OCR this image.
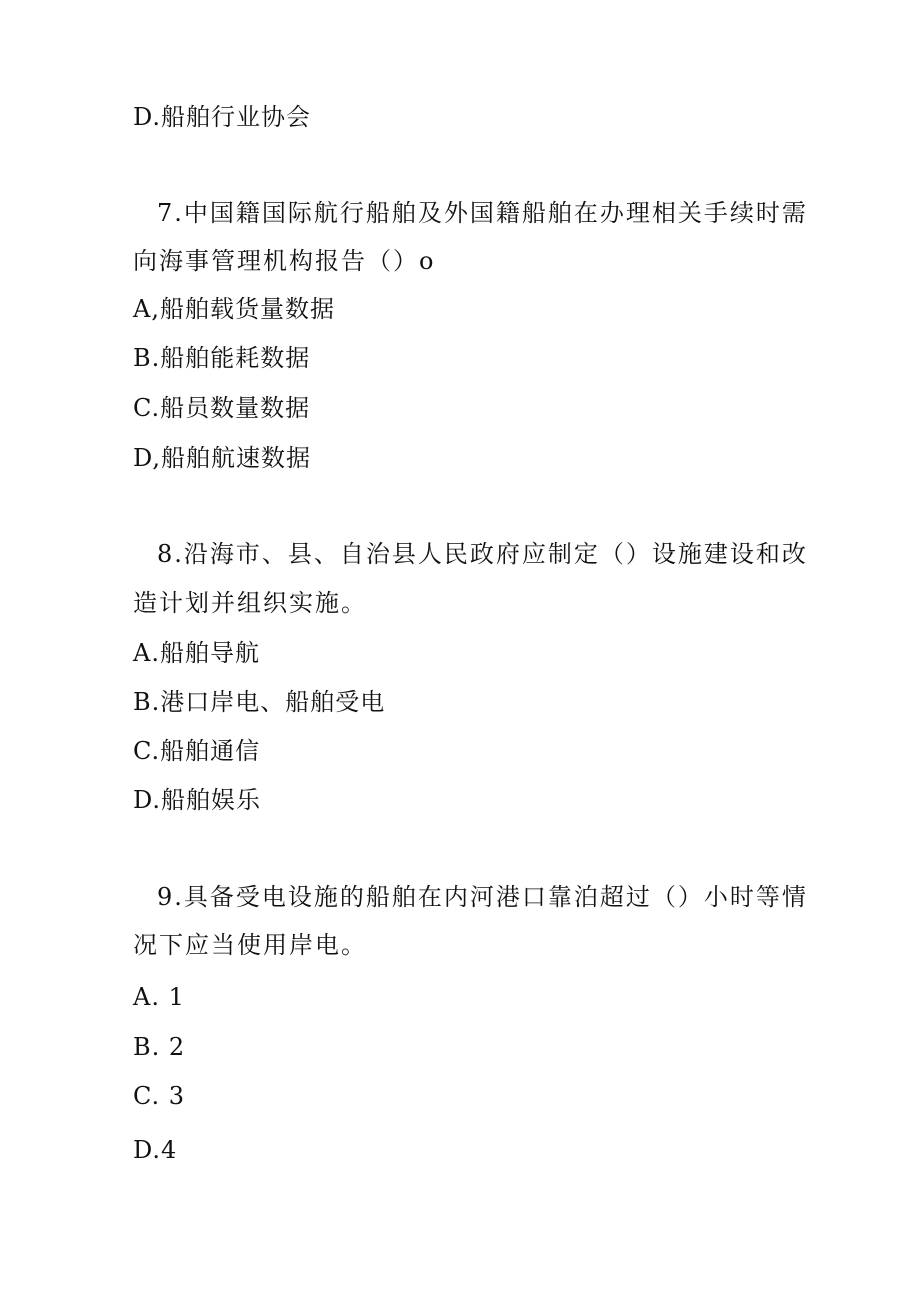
D.船舶行业协会
7.中国籍国际航行船舶及外国籍船舶在办理相关手续时需
向海事管理机构报告（）o
A,船舶载货量数据
B.船舶能耗数据
C.船员数量数据
D,船舶航速数据
8.沿海市、县、自治县人民政府应制定（）设施建设和改
造计划并组织实施。
A.船舶导航
B.港口岸电、船舶受电
C.船舶通信
D.船舶娱乐
9.具备受电设施的船舶在内河港口靠泊超过（）小时等情
况下应当使用岸电。
A. 1
B. 2
C. 3
D.4
